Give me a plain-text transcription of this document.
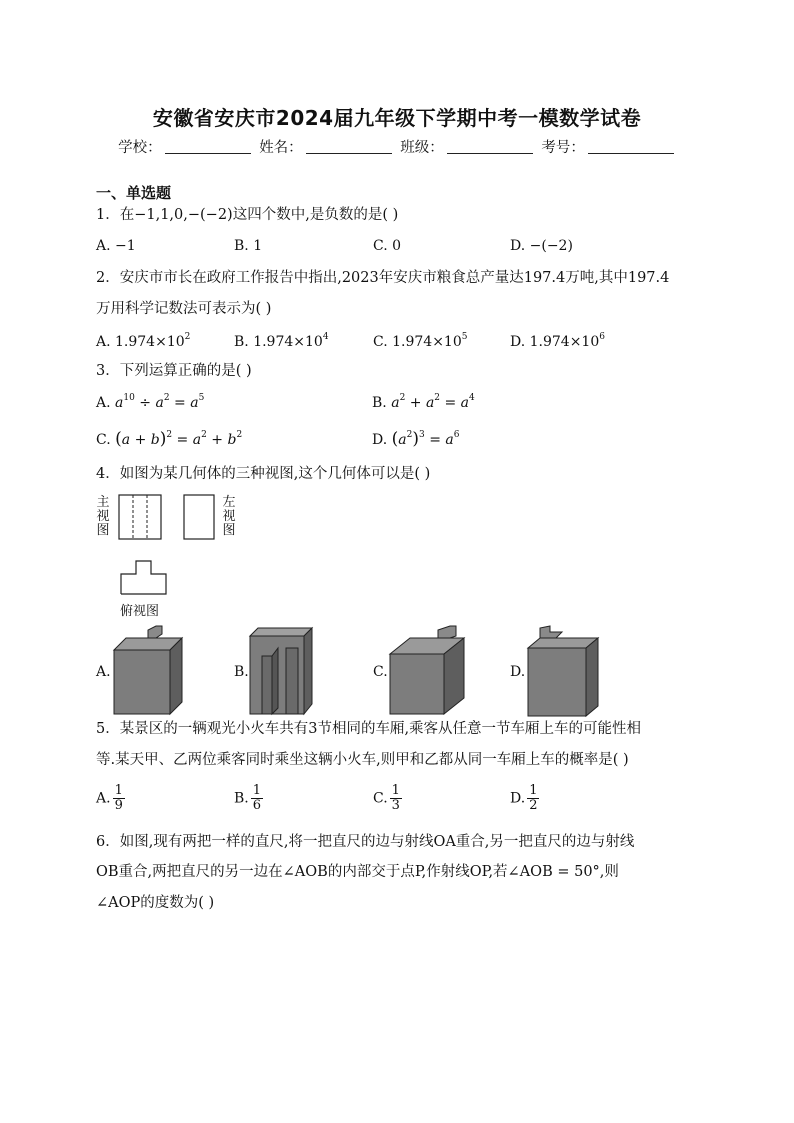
安徽省安庆市2024届九年级下学期中考一模数学试卷
学校：	姓名：	班级：	考号：
一、单选题
1．在−1,1,0,−(−2)这四个数中,是负数的是( )
A. −1	B. 1	C. 0	D. −(−2)
2．安庆市市长在政府工作报告中指出,2023年安庆市粮食总产量达197.4万吨,其中197.4
万用科学记数法可表示为( )
A. $1.974\times 10^2$	B. $1.974\times 10^4$	C. $1.974\times 10^5$	D. $1.974\times 10^6$
3．下列运算正确的是( )
A. $a^{10} \div a^2 = a^5$	B. $a^2 + a^2 = a^4$
C. $(a + b)^2 = a^2 + b^2$	D. $(a^2)^3 = a^6$
4．如图为某几何体的三种视图,这个几何体可以是( )
主视图
左视图
俯视图
A.	B.	C.	D.
5．某景区的一辆观光小火车共有3节相同的车厢,乘客从任意一节车厢上车的可能性相
等.某天甲、乙两位乘客同时乘坐这辆小火车,则甲和乙都从同一车厢上车的概率是( )
A. $\frac{1}{9}$	B. $\frac{1}{6}$	C. $\frac{1}{3}$	D. $\frac{1}{2}$
6．如图,现有两把一样的直尺,将一把直尺的边与射线OA重合,另一把直尺的边与射线
OB重合,两把直尺的另一边在∠AOB的内部交于点P,作射线OP,若∠AOB = 50°,则
∠AOP的度数为( )
